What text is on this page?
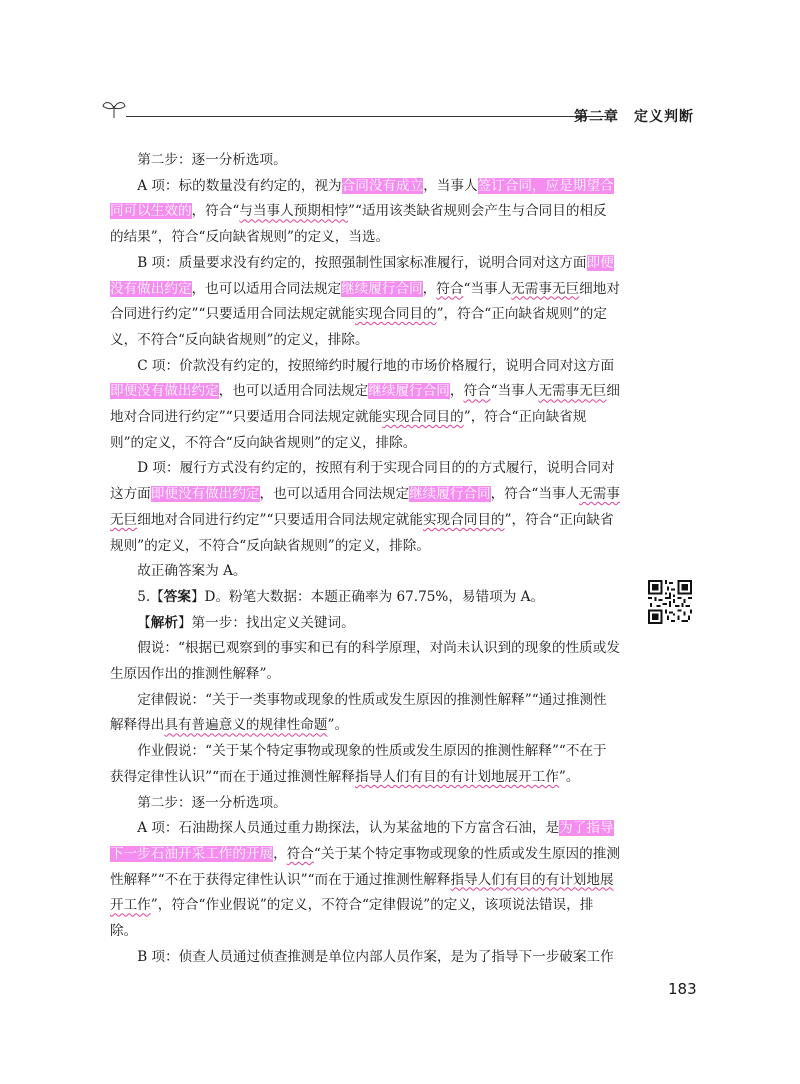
第二章　定义判断

第二步：逐一分析选项。

A 项：标的数量没有约定的，视为合同没有成立，当事人签订合同，应是期望合同可以生效的，符合“与当事人预期相悖”“适用该类缺省规则会产生与合同目的相反的结果”，符合“反向缺省规则”的定义，当选。

B 项：质量要求没有约定的，按照强制性国家标准履行，说明合同对这方面即便没有做出约定，也可以适用合同法规定继续履行合同，符合“当事人无需事无巨细地对合同进行约定”“只要适用合同法规定就能实现合同目的”，符合“正向缺省规则”的定义，不符合“反向缺省规则”的定义，排除。

C 项：价款没有约定的，按照缔约时履行地的市场价格履行，说明合同对这方面即便没有做出约定，也可以适用合同法规定继续履行合同，符合“当事人无需事无巨细地对合同进行约定”“只要适用合同法规定就能实现合同目的”，符合“正向缺省规则”的定义，不符合“反向缺省规则”的定义，排除。

D 项：履行方式没有约定的，按照有利于实现合同目的的方式履行，说明合同对这方面即便没有做出约定，也可以适用合同法规定继续履行合同，符合“当事人无需事无巨细地对合同进行约定”“只要适用合同法规定就能实现合同目的”，符合“正向缺省规则”的定义，不符合“反向缺省规则”的定义，排除。

故正确答案为 A。

5.【答案】D。粉笔大数据：本题正确率为 67.75%，易错项为 A。

【解析】第一步：找出定义关键词。

假说：“根据已观察到的事实和已有的科学原理，对尚未认识到的现象的性质或发生原因作出的推测性解释”。

定律假说：“关于一类事物或现象的性质或发生原因的推测性解释”“通过推测性解释得出具有普遍意义的规律性命题”。

作业假说：“关于某个特定事物或现象的性质或发生原因的推测性解释”“不在于获得定律性认识”“而在于通过推测性解释指导人们有目的有计划地展开工作”。

第二步：逐一分析选项。

A 项：石油勘探人员通过重力勘探法，认为某盆地的下方富含石油，是为了指导下一步石油开采工作的开展，符合“关于某个特定事物或现象的性质或发生原因的推测性解释”“不在于获得定律性认识”“而在于通过推测性解释指导人们有目的有计划地展开工作”，符合“作业假说”的定义，不符合“定律假说”的定义，该项说法错误，排除。

B 项：侦查人员通过侦查推测是单位内部人员作案，是为了指导下一步破案工作

183
